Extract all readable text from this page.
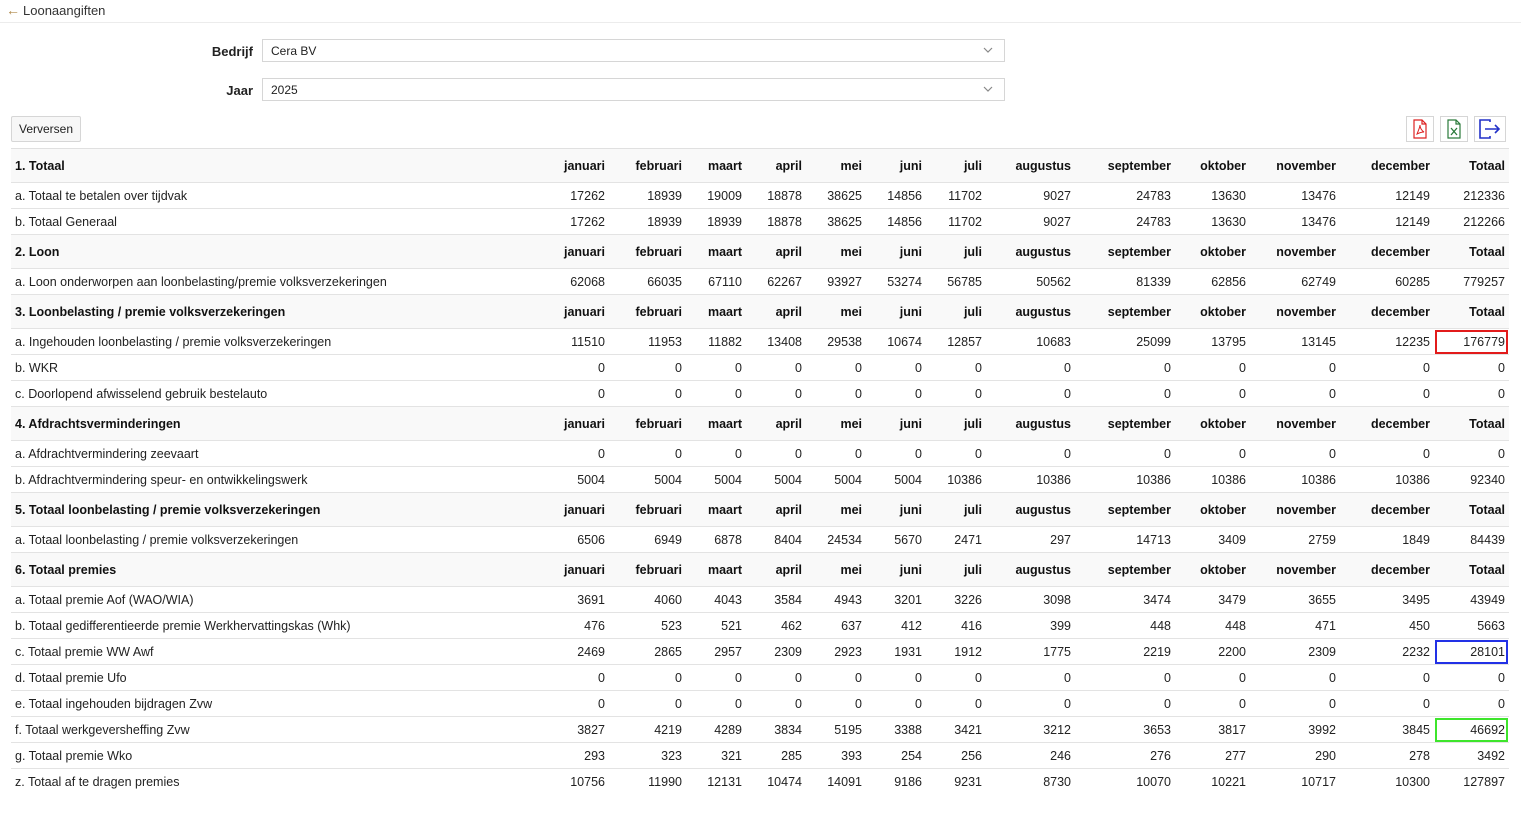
← Loonaangiften
Bedrijf Cera BV
Jaar 2025
Verversen
1. Totaal	januari	februari	maart	april	mei	juni	juli	augustus	september	oktober	november	december	Totaal
a. Totaal te betalen over tijdvak	17262	18939	19009	18878	38625	14856	11702	9027	24783	13630	13476	12149	212336
b. Totaal Generaal	17262	18939	18939	18878	38625	14856	11702	9027	24783	13630	13476	12149	212266
2. Loon	januari	februari	maart	april	mei	juni	juli	augustus	september	oktober	november	december	Totaal
a. Loon onderworpen aan loonbelasting/premie volksverzekeringen	62068	66035	67110	62267	93927	53274	56785	50562	81339	62856	62749	60285	779257
3. Loonbelasting / premie volksverzekeringen	januari	februari	maart	april	mei	juni	juli	augustus	september	oktober	november	december	Totaal
a. Ingehouden loonbelasting / premie volksverzekeringen	11510	11953	11882	13408	29538	10674	12857	10683	25099	13795	13145	12235	176779
b. WKR	0	0	0	0	0	0	0	0	0	0	0	0	0
c. Doorlopend afwisselend gebruik bestelauto	0	0	0	0	0	0	0	0	0	0	0	0	0
4. Afdrachtsverminderingen	januari	februari	maart	april	mei	juni	juli	augustus	september	oktober	november	december	Totaal
a. Afdrachtvermindering zeevaart	0	0	0	0	0	0	0	0	0	0	0	0	0
b. Afdrachtvermindering speur- en ontwikkelingswerk	5004	5004	5004	5004	5004	5004	10386	10386	10386	10386	10386	10386	92340
5. Totaal loonbelasting / premie volksverzekeringen	januari	februari	maart	april	mei	juni	juli	augustus	september	oktober	november	december	Totaal
a. Totaal loonbelasting / premie volksverzekeringen	6506	6949	6878	8404	24534	5670	2471	297	14713	3409	2759	1849	84439
6. Totaal premies	januari	februari	maart	april	mei	juni	juli	augustus	september	oktober	november	december	Totaal
a. Totaal premie Aof (WAO/WIA)	3691	4060	4043	3584	4943	3201	3226	3098	3474	3479	3655	3495	43949
b. Totaal gedifferentieerde premie Werkhervattingskas (Whk)	476	523	521	462	637	412	416	399	448	448	471	450	5663
c. Totaal premie WW Awf	2469	2865	2957	2309	2923	1931	1912	1775	2219	2200	2309	2232	28101
d. Totaal premie Ufo	0	0	0	0	0	0	0	0	0	0	0	0	0
e. Totaal ingehouden bijdragen Zvw	0	0	0	0	0	0	0	0	0	0	0	0	0
f. Totaal werkgeversheffing Zvw	3827	4219	4289	3834	5195	3388	3421	3212	3653	3817	3992	3845	46692
g. Totaal premie Wko	293	323	321	285	393	254	256	246	276	277	290	278	3492
z. Totaal af te dragen premies	10756	11990	12131	10474	14091	9186	9231	8730	10070	10221	10717	10300	127897
